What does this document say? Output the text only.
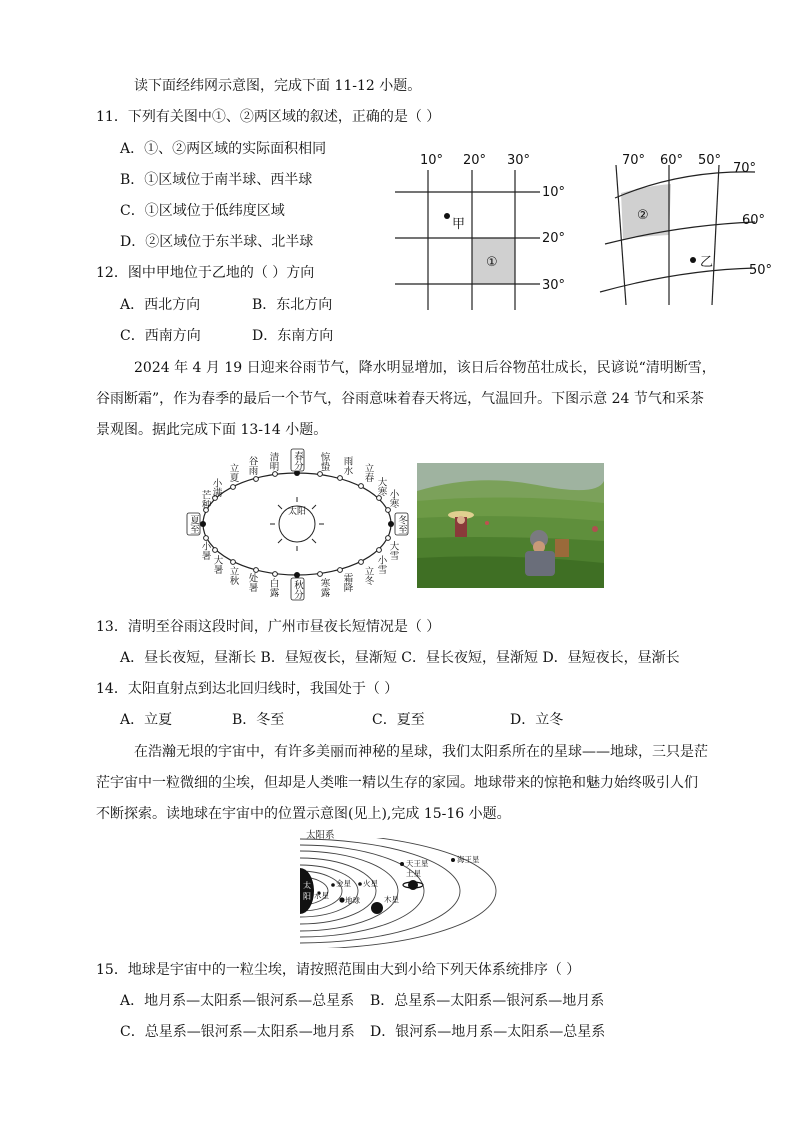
读下面经纬网示意图，完成下面 11-12 小题。
11．下列有关图中①、②两区域的叙述，正确的是（ ）
A．①、②两区域的实际面积相同
B．①区域位于南半球、西半球
C．①区域位于低纬度区域
D．②区域位于东半球、北半球
12．图中甲地位于乙地的（ ）方向
A．西北方向	B．东北方向
C．西南方向	D．东南方向
10° 20° 30°
10°
20°
30°
甲
①
70° 60° 50°
70°
60°
50°
乙
②
2024 年 4 月 19 日迎来谷雨节气，降水明显增加，该日后谷物茁壮成长，民谚说“清明断雪，
谷雨断霜”，作为春季的最后一个节气，谷雨意味着春天将远，气温回升。下图示意 24 节气和采茶
景观图。据此完成下面 13-14 小题。
太阳
春分
秋分
夏至	冬至
立夏 谷雨 清明	惊蛰 雨水 立春
小暑
大暑
立秋 处暑 白露	寒露 霜降 立冬
小满
芒种
大寒
小寒
大雪
小雪
13．清明至谷雨这段时间，广州市昼夜长短情况是（ ）
A．昼长夜短，昼渐长 B．昼短夜长，昼渐短 C．昼长夜短，昼渐短 D．昼短夜长，昼渐长
14．太阳直射点到达北回归线时，我国处于（ ）
A．立夏	B．冬至	C．夏至	D．立冬
在浩瀚无垠的宇宙中，有许多美丽而神秘的星球，我们太阳系所在的星球——地球，三只是茫
茫宇宙中一粒微细的尘埃，但却是人类唯一精以生存的家园。地球带来的惊艳和魅力始终吸引人们
不断探索。读地球在宇宙中的位置示意图(见上),完成 15-16 小题。
太阳系
太
阳 水星
金星
地球
火星
木星
土星
天王星	海王星
15．地球是宇宙中的一粒尘埃，请按照范围由大到小给下列天体系统排序（ ）
A．地月系—太阳系—银河系—总星系 B．总星系—太阳系—银河系—地月系
C．总星系—银河系—太阳系—地月系 D．银河系—地月系—太阳系—总星系
